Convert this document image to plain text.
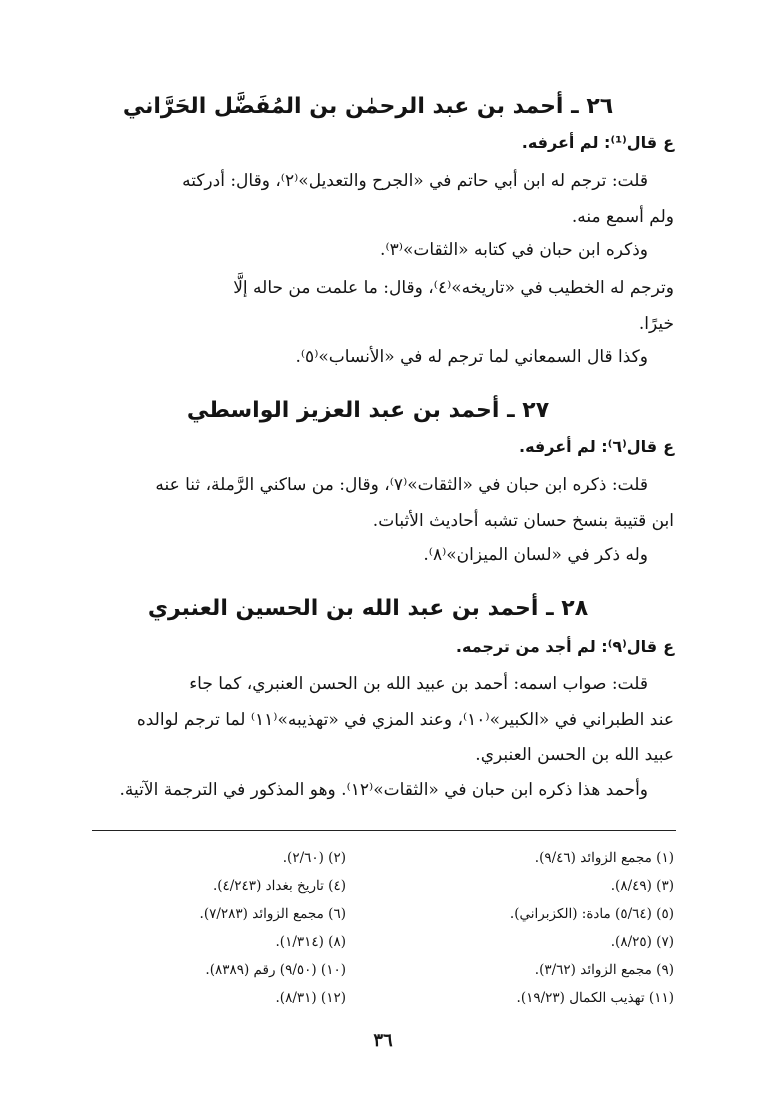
٢٦ ـ أحمد بن عبد الرحمٰن بن المُفَضَّل الحَرَّاني
عقال⁽¹⁾: لم أعرفه.
قلت: ترجم له ابن أبي حاتم في «الجرح والتعديل»⁽٢⁾، وقال: أدركته
ولم أسمع منه.
وذكره ابن حبان في كتابه «الثقات»⁽٣⁾.
وترجم له الخطيب في «تاريخه»⁽٤⁾، وقال: ما علمت من حاله إلَّا
خيرًا.
وكذا قال السمعاني لما ترجم له في «الأنساب»⁽٥⁾.
٢٧ ـ أحمد بن عبد العزيز الواسطي
عقال⁽٦⁾: لم أعرفه.
قلت: ذكره ابن حبان في «الثقات»⁽٧⁾، وقال: من ساكني الرَّملة، ثنا عنه
ابن قتيبة بنسخ حسان تشبه أحاديث الأثبات.
وله ذكر في «لسان الميزان»⁽٨⁾.
٢٨ ـ أحمد بن عبد الله بن الحسين العنبري
عقال⁽٩⁾: لم أجد من ترجمه.
قلت: صواب اسمه: أحمد بن عبيد الله بن الحسن العنبري، كما جاء
عند الطبراني في «الكبير»⁽١٠⁾، وعند المزي في «تهذيبه»⁽١١⁾ لما ترجم لوالده
عبيد الله بن الحسن العنبري.
وأحمد هذا ذكره ابن حبان في «الثقات»⁽١٢⁾. وهو المذكور في الترجمة الآتية.
(١) مجمع الزوائد (٩/٤٦).
(٢) (٢/٦٠).
(٣) (٨/٤٩).
(٤) تاريخ بغداد (٤/٢٤٣).
(٥) (٥/٦٤) مادة: (الكزبراني).
(٦) مجمع الزوائد (٧/٢٨٣).
(٧) (٨/٢٥).
(٨) (١/٣١٤).
(٩) مجمع الزوائد (٣/٦٢).
(١٠) (٩/٥٠) رقم (٨٣٨٩).
(١١) تهذيب الكمال (١٩/٢٣).
(١٢) (٨/٣١).
٣٦
